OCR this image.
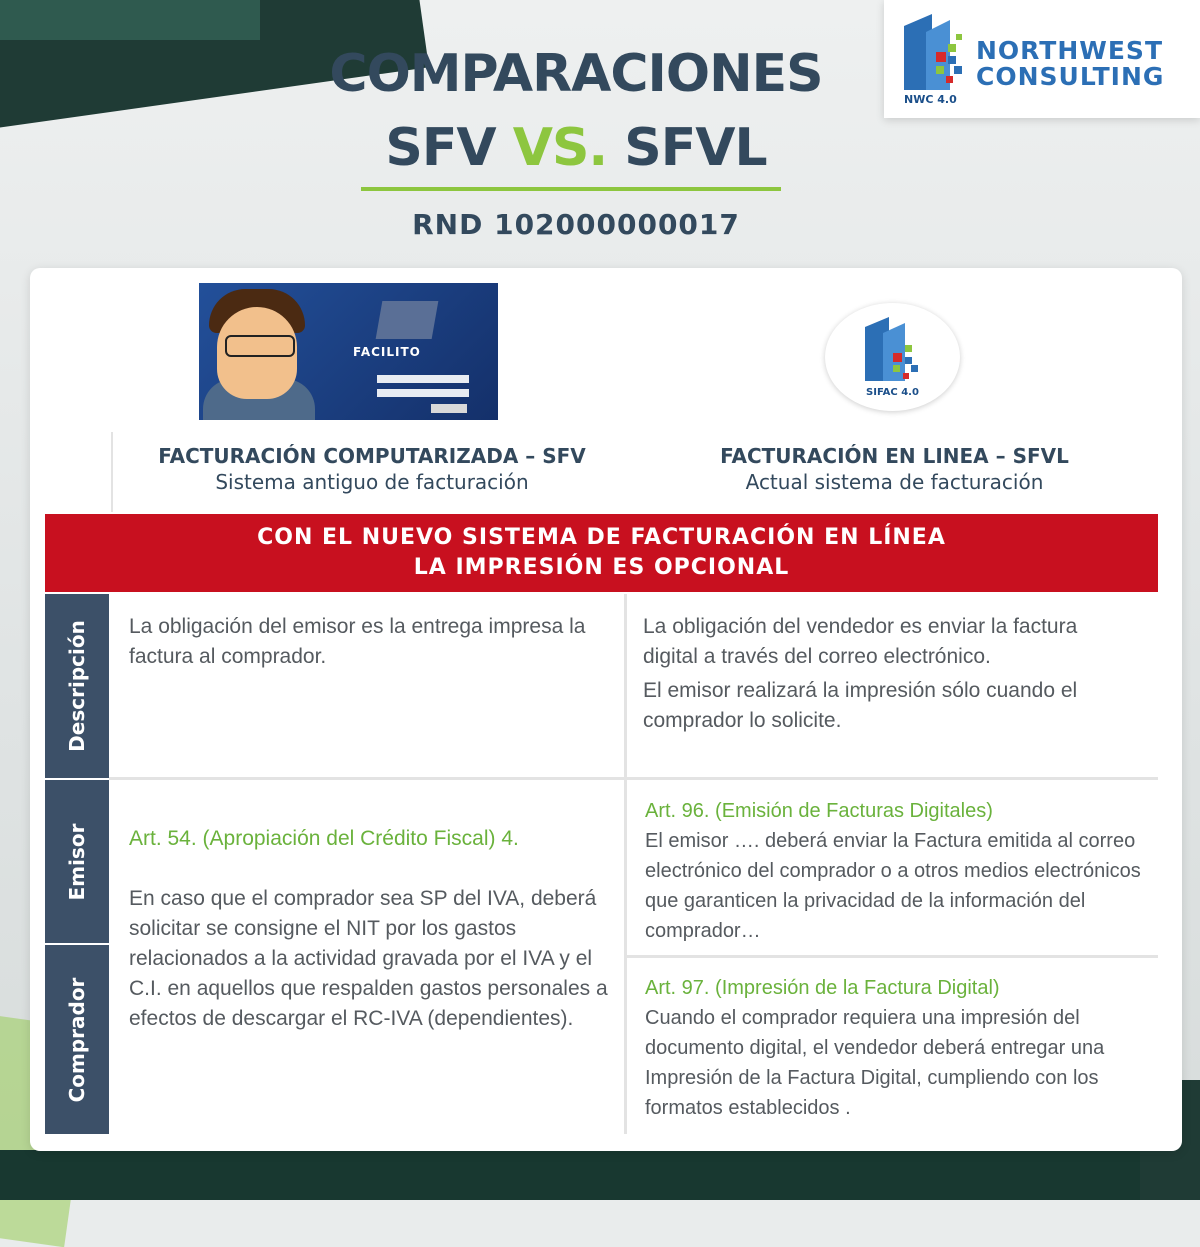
NORTHWEST
CONSULTING
NWC 4.0
COMPARACIONES
SFV VS. SFVL
RND 102000000017
FACILITO
SIFAC 4.0
FACTURACIÓN COMPUTARIZADA – SFV
Sistema antiguo de facturación
FACTURACIÓN EN LINEA – SFVL
Actual sistema de facturación
CON EL NUEVO SISTEMA DE FACTURACIÓN EN LÍNEA
LA IMPRESIÓN ES OPCIONAL
Descripción
Emisor
Comprador

La obligación del emisor es la entrega impresa la factura al comprador.

La obligación del vendedor es enviar la factura digital a través del correo electrónico.

El emisor realizará la impresión sólo cuando el comprador lo solicite.

Art. 54. (Apropiación del Crédito Fiscal) 4.

En caso que el comprador sea SP del IVA, deberá solicitar se consigne el NIT por los gastos relacionados a la actividad gravada por el IVA y el C.I. en aquellos que respalden gastos personales a efectos de descargar el RC-IVA (dependientes).

Art. 96. (Emisión de Facturas Digitales)

El emisor …. deberá enviar la Factura emitida al correo electrónico del comprador o a otros medios electrónicos que garanticen la privacidad de la información del comprador…

Art. 97. (Impresión de la Factura Digital)

Cuando el comprador requiera una impresión del documento digital, el vendedor deberá entregar una Impresión de la Factura Digital, cumpliendo con los formatos establecidos .
